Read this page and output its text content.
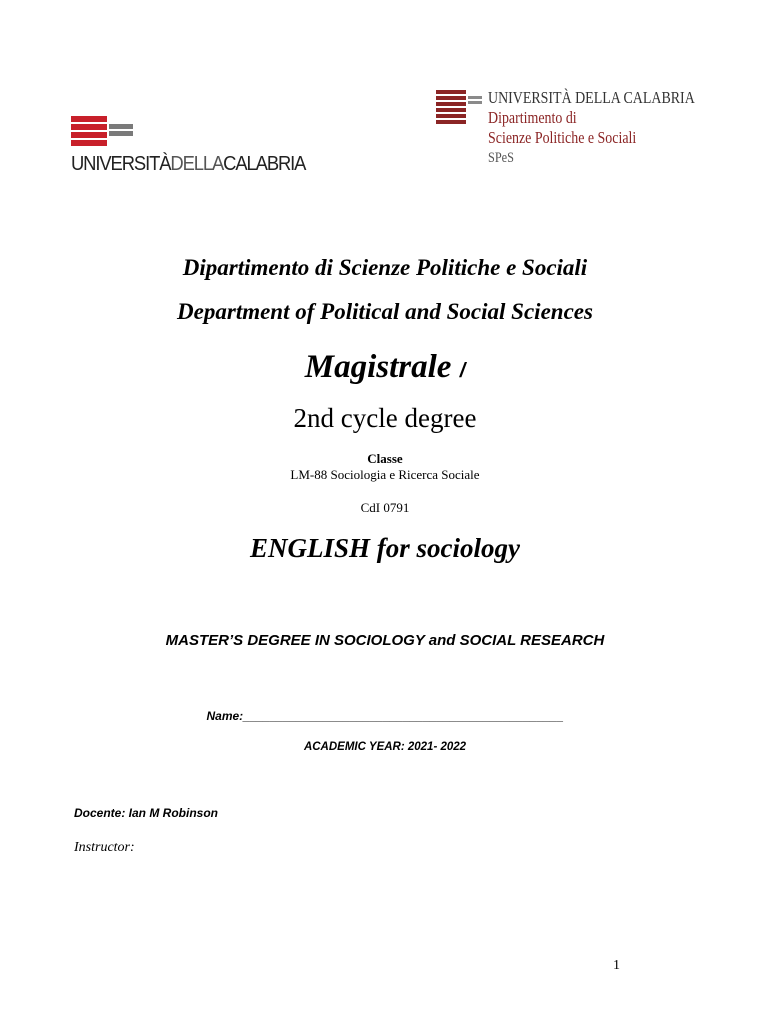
UNIVERSITÀDELLACALABRIA
UNIVERSITÀ DELLA CALABRIA
Dipartimento di
Scienze Politiche e Sociali
SPeS
Dipartimento di Scienze Politiche e Sociali
Department of Political and Social Sciences
Magistrale /
2nd cycle degree
Classe
LM-88 Sociologia e Ricerca Sociale
CdI 0791
ENGLISH for sociology
MASTER’S DEGREE IN SOCIOLOGY and SOCIAL RESEARCH
Name:________________________________________________
ACADEMIC YEAR: 2021- 2022
Docente: Ian M Robinson
Instructor:
1
